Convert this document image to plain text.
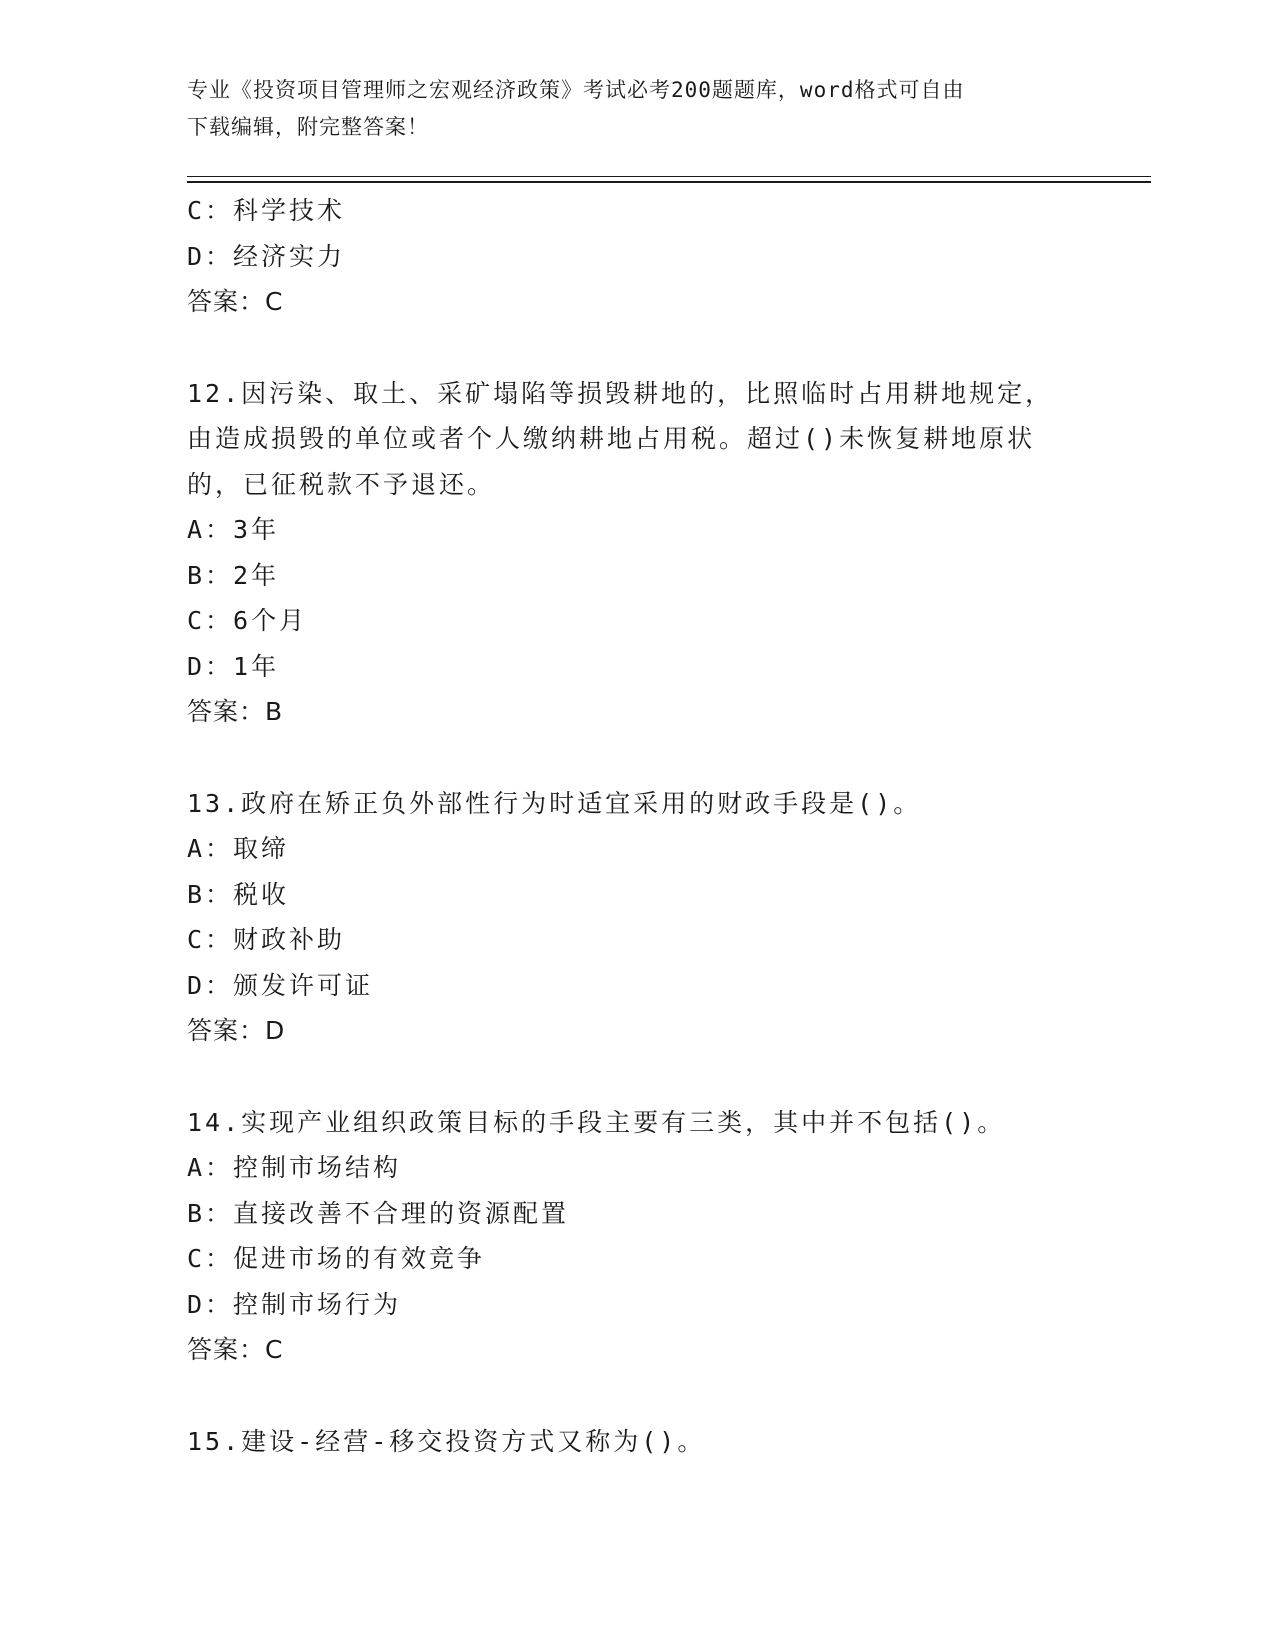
专业《投资项目管理师之宏观经济政策》考试必考200题题库，word格式可自由
下载编辑，附完整答案！
C：科学技术
D：经济实力
答案：C
12.因污染、取土、采矿塌陷等损毁耕地的，比照临时占用耕地规定，
由造成损毁的单位或者个人缴纳耕地占用税。超过()未恢复耕地原状
的，已征税款不予退还。
A：3年
B：2年
C：6个月
D：1年
答案：B
13.政府在矫正负外部性行为时适宜采用的财政手段是()。
A：取缔
B：税收
C：财政补助
D：颁发许可证
答案：D
14.实现产业组织政策目标的手段主要有三类，其中并不包括()。
A：控制市场结构
B：直接改善不合理的资源配置
C：促进市场的有效竞争
D：控制市场行为
答案：C
15.建设-经营-移交投资方式又称为()。
